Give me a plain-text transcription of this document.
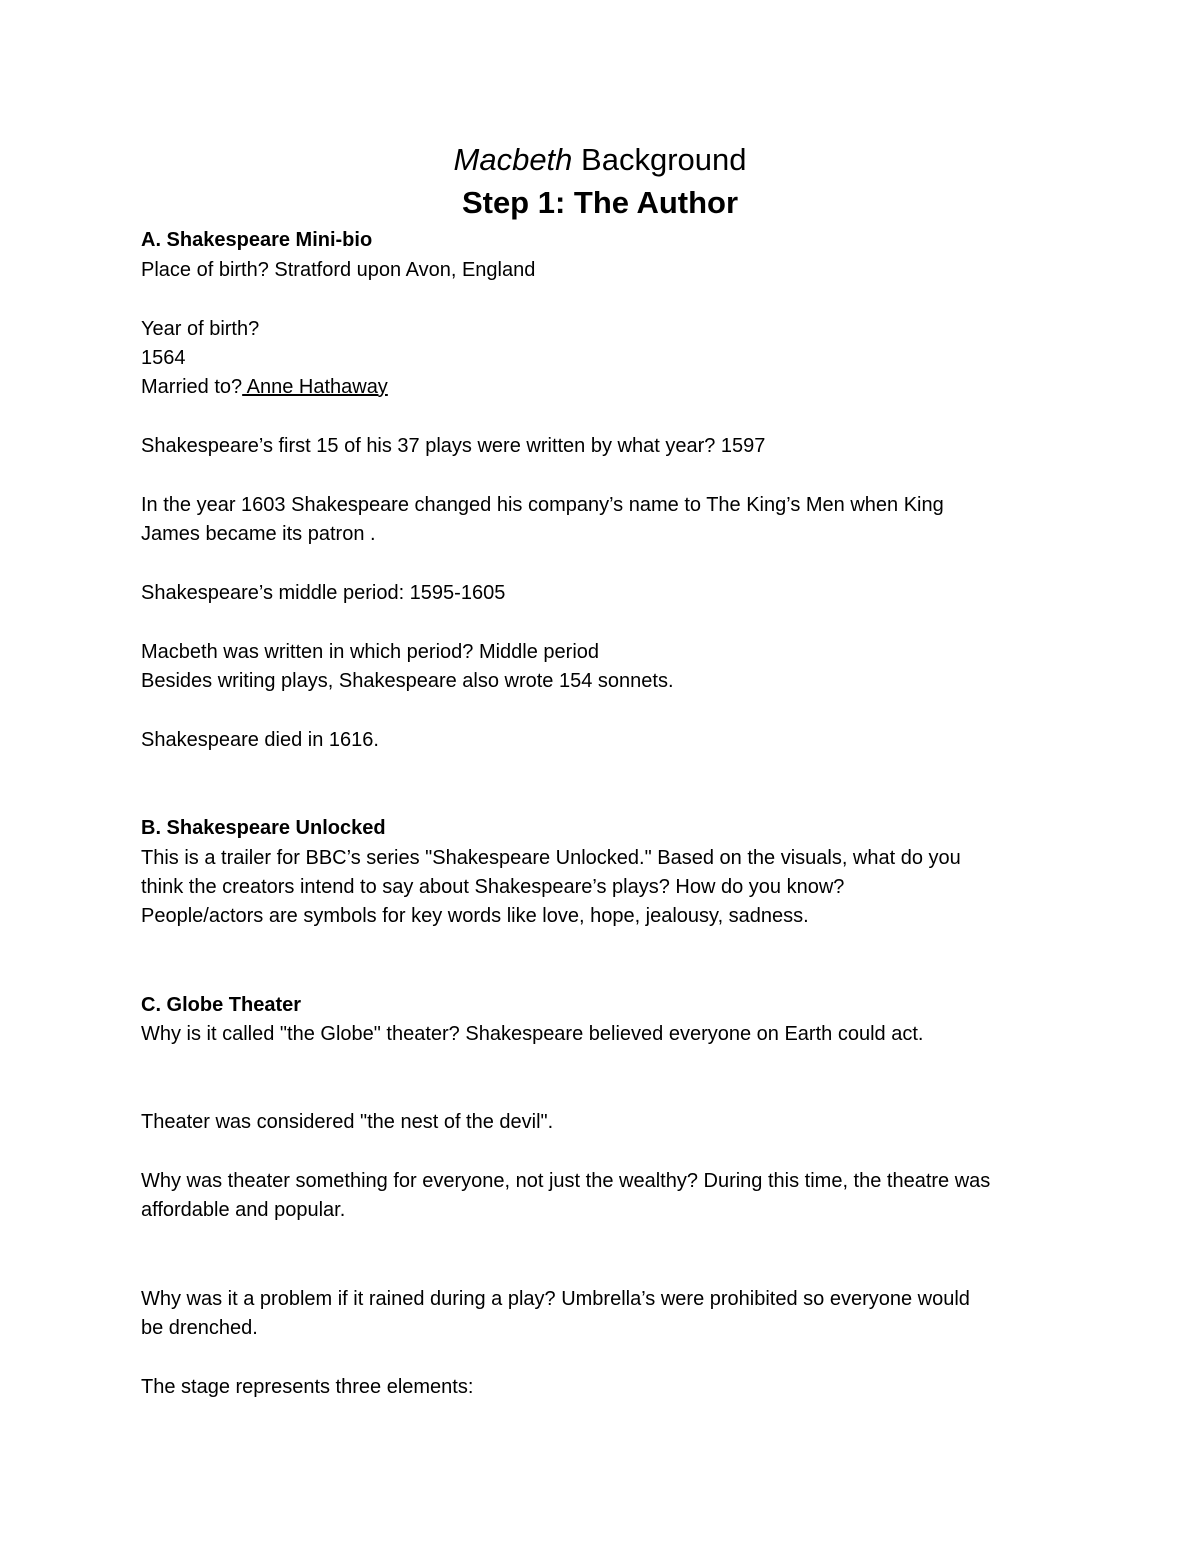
Macbeth Background
Step 1: The Author
A. Shakespeare Mini-bio
Place of birth? Stratford upon Avon, England
Year of birth?
1564
Married to? Anne Hathaway
Shakespeare’s first 15 of his 37 plays were written by what year? 1597
In the year 1603 Shakespeare changed his company’s name to The King’s Men when King
James became its patron .
Shakespeare’s middle period: 1595-1605
Macbeth was written in which period? Middle period
Besides writing plays, Shakespeare also wrote 154 sonnets.
Shakespeare died in 1616.
B. Shakespeare Unlocked
This is a trailer for BBC’s series "Shakespeare Unlocked." Based on the visuals, what do you
think the creators intend to say about Shakespeare’s plays? How do you know?
People/actors are symbols for key words like love, hope, jealousy, sadness.
C. Globe Theater
Why is it called "the Globe" theater? Shakespeare believed everyone on Earth could act.
Theater was considered "the nest of the devil".
Why was theater something for everyone, not just the wealthy? During this time, the theatre was
affordable and popular.
Why was it a problem if it rained during a play? Umbrella’s were prohibited so everyone would
be drenched.
The stage represents three elements:
